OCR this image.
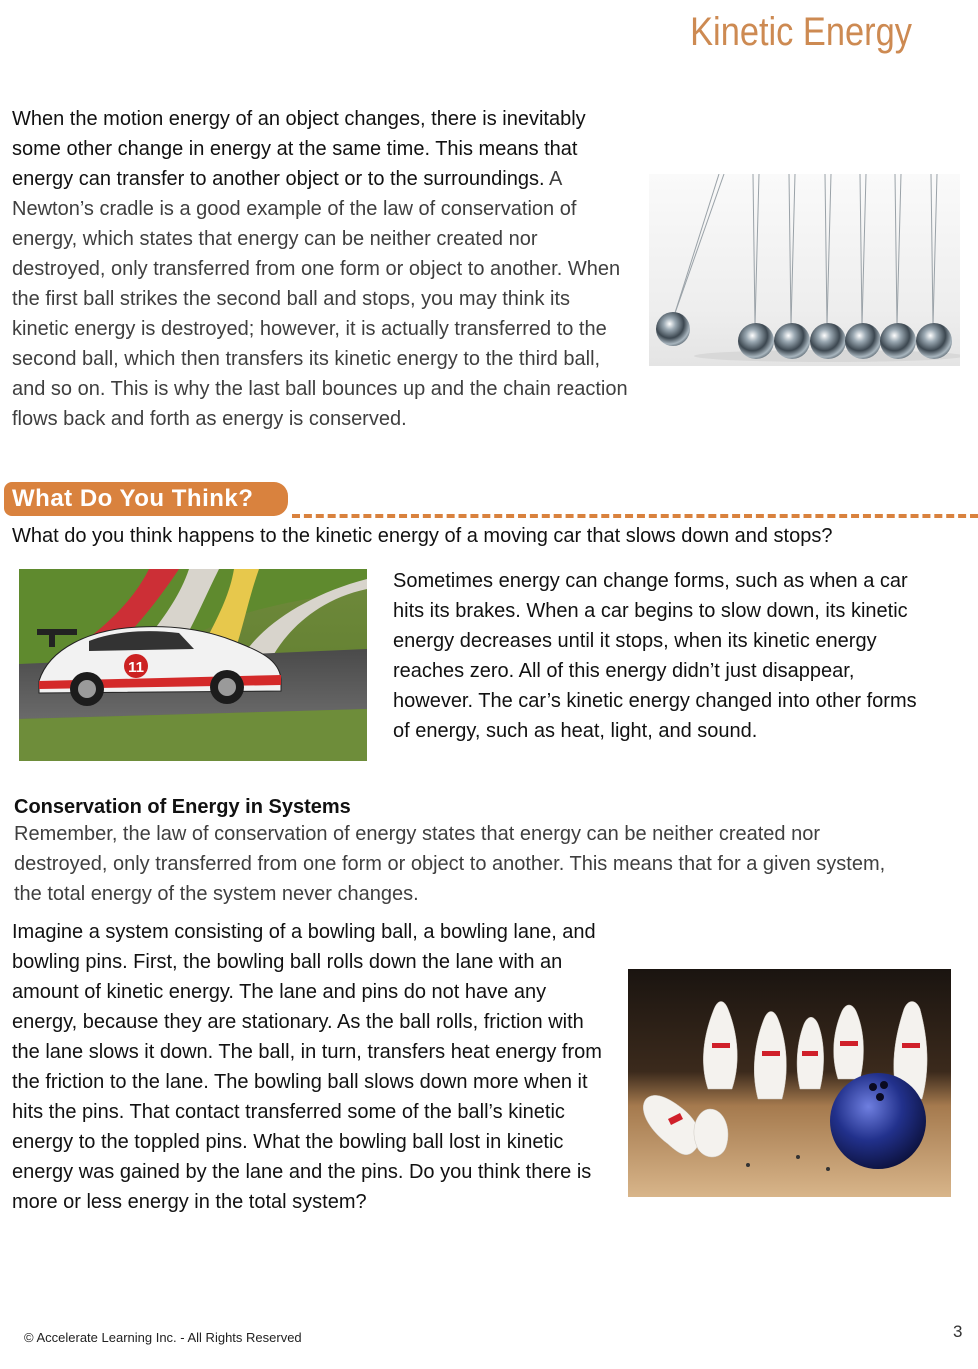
Kinetic Energy
When the motion energy of an object changes, there is inevitably some other change in energy at the same time. This means that energy can transfer to another object or to the surroundings. A Newton’s cradle is a good example of the law of conservation of energy, which states that energy can be neither created nor destroyed, only transferred from one form or object to another. When the first ball strikes the second ball and stops, you may think its kinetic energy is destroyed; however, it is actually transferred to the second ball, which then transfers its kinetic energy to the third ball, and so on. This is why the last ball bounces up and the chain reaction flows back and forth as energy is conserved.
What Do You Think?
What do you think happens to the kinetic energy of a moving car that slows down and stops?
11
Sometimes energy can change forms, such as when a car hits its brakes. When a car begins to slow down, its kinetic energy decreases until it stops, when its kinetic energy reaches zero. All of this energy didn’t just disappear, however. The car’s kinetic energy changed into other forms of energy, such as heat, light, and sound.
Conservation of Energy in Systems
Remember, the law of conservation of energy states that energy can be neither created nor destroyed, only transferred from one form or object to another. This means that for a given system, the total energy of the system never changes.
Imagine a system consisting of a bowling ball, a bowling lane, and bowling pins. First, the bowling ball rolls down the lane with an amount of kinetic energy. The lane and pins do not have any energy, because they are stationary. As the ball rolls, friction with the lane slows it down. The ball, in turn, transfers heat energy from the friction to the lane. The bowling ball slows down more when it hits the pins. That contact transferred some of the ball’s kinetic energy to the toppled pins. What the bowling ball lost in kinetic energy was gained by the lane and the pins. Do you think there is more or less energy in the total system?
© Accelerate Learning Inc. - All Rights Reserved	3
